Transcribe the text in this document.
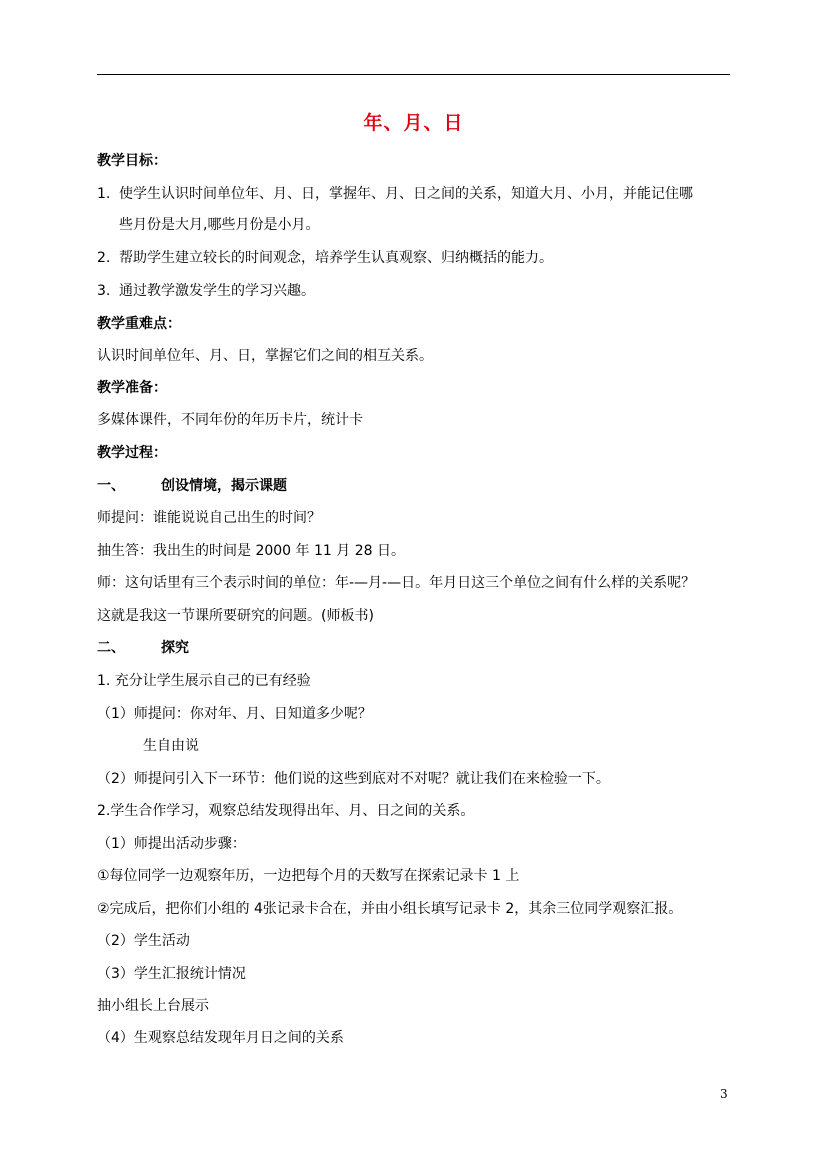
年、月、日
教学目标：
1. 使学生认识时间单位年、月、日，掌握年、月、日之间的关系，知道大月、小月，并能记住哪
些月份是大月,哪些月份是小月。
2. 帮助学生建立较长的时间观念，培养学生认真观察、归纳概括的能力。
3. 通过教学激发学生的学习兴趣。
教学重难点：
认识时间单位年、月、日，掌握它们之间的相互关系。
教学准备：
多媒体课件，不同年份的年历卡片，统计卡
教学过程：
一、	创设情境，揭示课题
师提问：谁能说说自己出生的时间？
抽生答：我出生的时间是 2000 年 11 月 28 日。
师：这句话里有三个表示时间的单位：年-—月-—日。年月日这三个单位之间有什么样的关系呢？
这就是我这一节课所要研究的问题。(师板书)
二、	探究
1. 充分让学生展示自己的已有经验
（1）师提问：你对年、月、日知道多少呢？
生自由说
（2）师提问引入下一环节：他们说的这些到底对不对呢？就让我们在来检验一下。
2.学生合作学习，观察总结发现得出年、月、日之间的关系。
（1）师提出活动步骤：
①每位同学一边观察年历，一边把每个月的天数写在探索记录卡 1 上
②完成后，把你们小组的 4张记录卡合在，并由小组长填写记录卡 2，其余三位同学观察汇报。
（2）学生活动
（3）学生汇报统计情况
抽小组长上台展示
（4）生观察总结发现年月日之间的关系
3
